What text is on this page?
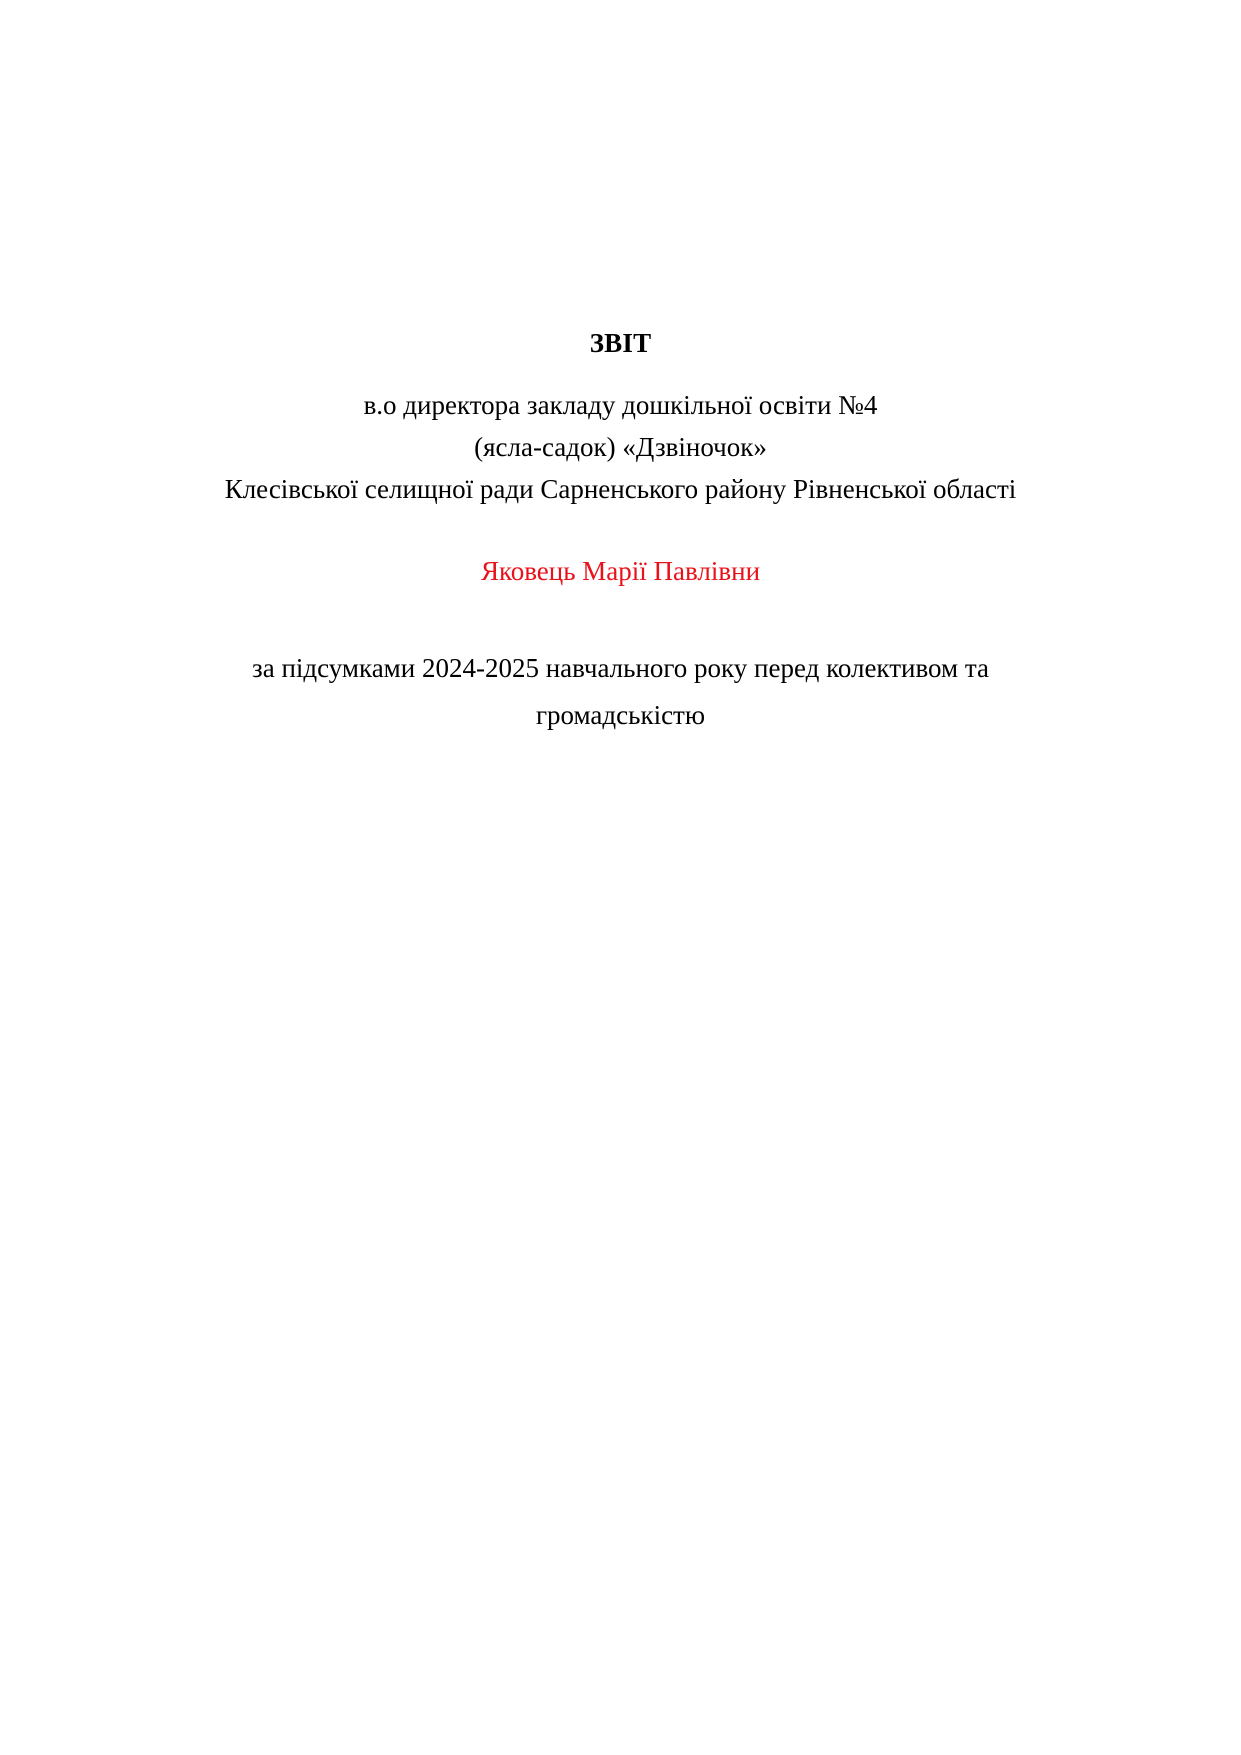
ЗВІТ

в.о директора закладу дошкільної освіти №4

(ясла-садок) «Дзвіночок»

Клесівської селищної ради Сарненського району Рівненської області

Яковець Марії Павлівни

за підсумками 2024-2025 навчального року перед колективом та громадськістю
